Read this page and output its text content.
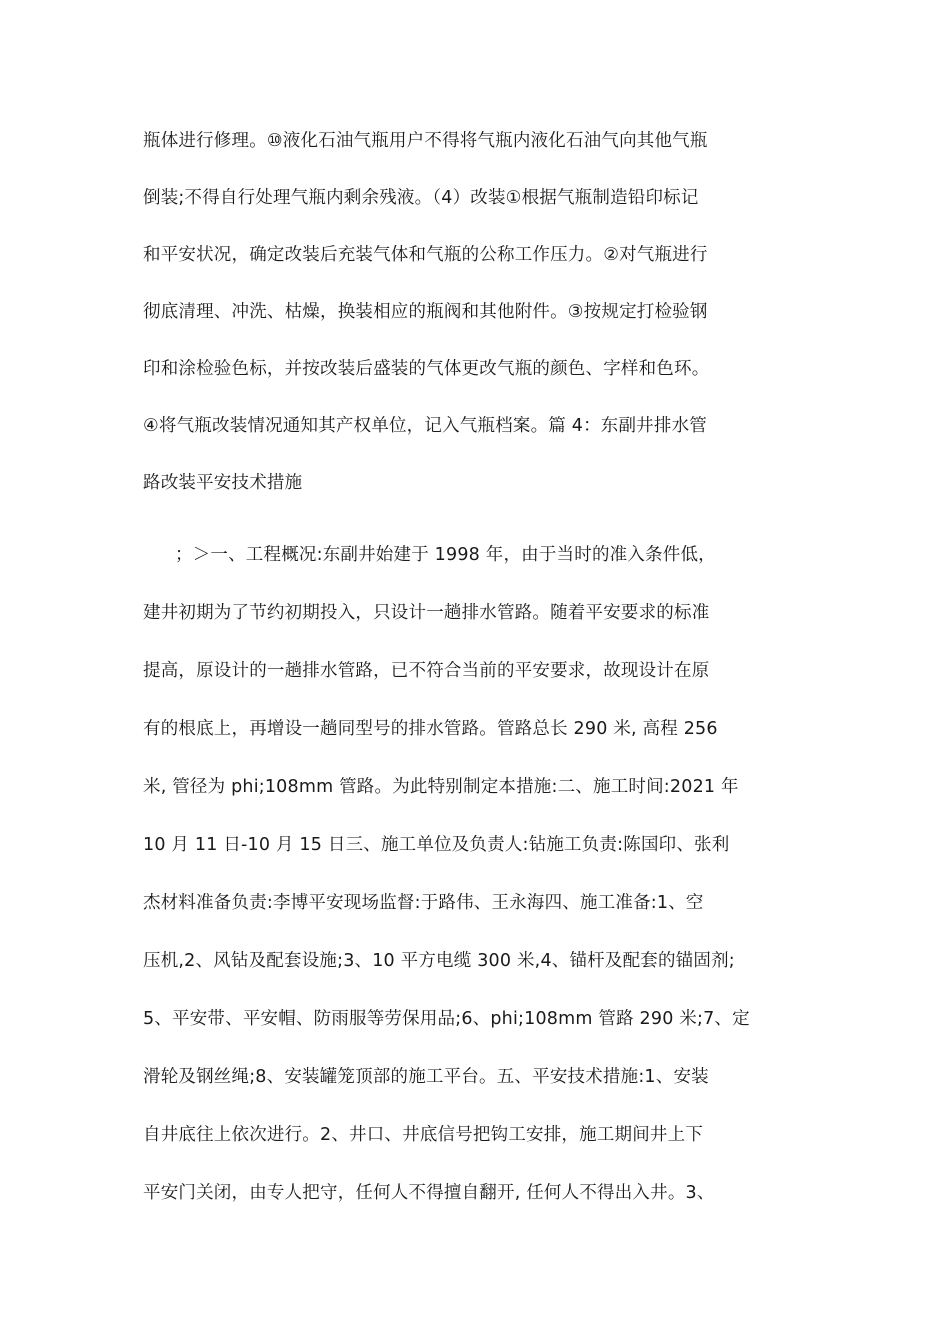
瓶体进行修理。⑩液化石油气瓶用户不得将气瓶内液化石油气向其他气瓶
倒装;不得自行处理气瓶内剩余残液。（4）改装①根据气瓶制造铅印标记
和平安状况，确定改装后充装气体和气瓶的公称工作压力。②对气瓶进行
彻底清理、冲洗、枯燥，换装相应的瓶阀和其他附件。③按规定打检验钢
印和涂检验色标，并按改装后盛装的气体更改气瓶的颜色、字样和色环。
④将气瓶改装情况通知其产权单位，记入气瓶档案。篇 4：东副井排水管
路改装平安技术措施
；＞一、工程概况:东副井始建于 1998 年，由于当时的准入条件低，
建井初期为了节约初期投入，只设计一趟排水管路。随着平安要求的标准
提高，原设计的一趟排水管路，已不符合当前的平安要求，故现设计在原
有的根底上，再增设一趟同型号的排水管路。管路总长 290 米, 高程 256
米, 管径为 phi;108mm 管路。为此特别制定本措施:二、施工时间:2021 年
10 月 11 日-10 月 15 日三、施工单位及负责人:钻施工负责:陈国印、张利
杰材料准备负责:李博平安现场监督:于路伟、王永海四、施工准备:1、空
压机,2、风钻及配套设施;3、10 平方电缆 300 米,4、锚杆及配套的锚固剂;
5、平安带、平安帽、防雨服等劳保用品;6、phi;108mm 管路 290 米;7、定
滑轮及钢丝绳;8、安装罐笼顶部的施工平台。五、平安技术措施:1、安装
自井底往上依次进行。2、井口、井底信号把钩工安排，施工期间井上下
平安门关闭，由专人把守，任何人不得擅自翻开, 任何人不得出入井。3、
